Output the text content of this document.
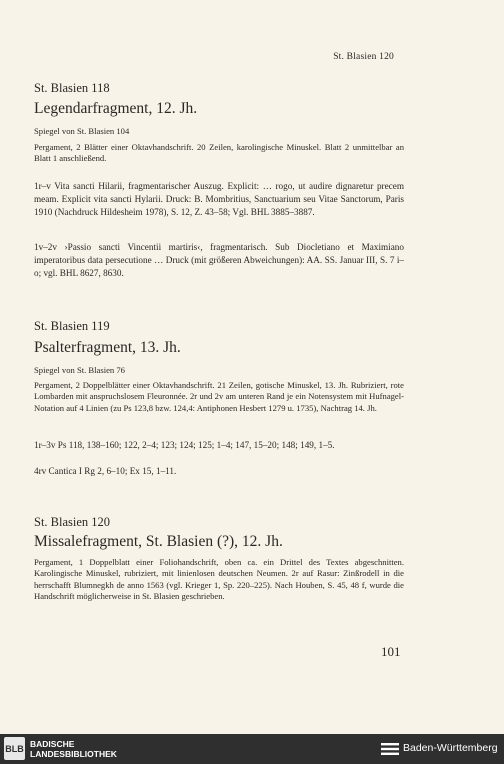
St. Blasien 120
St. Blasien 118
Legendarfragment, 12. Jh.

Spiegel von St. Blasien 104

Pergament, 2 Blätter einer Oktavhandschrift. 20 Zeilen, karolingische Minuskel. Blatt 2 unmittelbar an Blatt 1 anschließend.

1r–v Vita sancti Hilarii, fragmentarischer Auszug. Explicit: … rogo, ut audire dignaretur precem meam. Explicit vita sancti Hylarii. Druck: B. Mombritius, Sanctuarium seu Vitae Sanctorum, Paris 1910 (Nachdruck Hildesheim 1978), S. 12, Z. 43–58; Vgl. BHL 3885–3887.

1v–2v ›Passio sancti Vincentii martiris‹, fragmentarisch. Sub Diocletiano et Maximiano imperatoribus data persecutione … Druck (mit größeren Abweichungen): AA. SS. Januar III, S. 7 i–o; vgl. BHL 8627, 8630.

St. Blasien 119
Psalterfragment, 13. Jh.

Spiegel von St. Blasien 76

Pergament, 2 Doppelblätter einer Oktavhandschrift. 21 Zeilen, gotische Minuskel, 13. Jh. Rubriziert, rote Lombarden mit anspruchslosem Fleuronnée. 2r und 2v am unteren Rand je ein Notensystem mit Hufnagel-Notation auf 4 Linien (zu Ps 123,8 bzw. 124,4: Antiphonen Hesbert 1279 u. 1735), Nachtrag 14. Jh.

1r–3v Ps 118, 138–160; 122, 2–4; 123; 124; 125; 1–4; 147, 15–20; 148; 149, 1–5.

4rv Cantica I Rg 2, 6–10; Ex 15, 1–11.

St. Blasien 120
Missalefragment, St. Blasien (?), 12. Jh.

Pergament, 1 Doppelblatt einer Foliohandschrift, oben ca. ein Drittel des Textes abgeschnitten. Karolingische Minuskel, rubriziert, mit linienlosen deutschen Neumen. 2r auf Rasur: Zinßrodell in die herrschafft Blumnegkh de anno 1563 (vgl. Krieger 1, Sp. 220–225). Nach Houben, S. 45, 48 f, wurde die Handschrift möglicherweise in St. Blasien geschrieben.

101
BLB BADISCHE
LANDESBIBLIOTHEK	Baden-Württemberg
